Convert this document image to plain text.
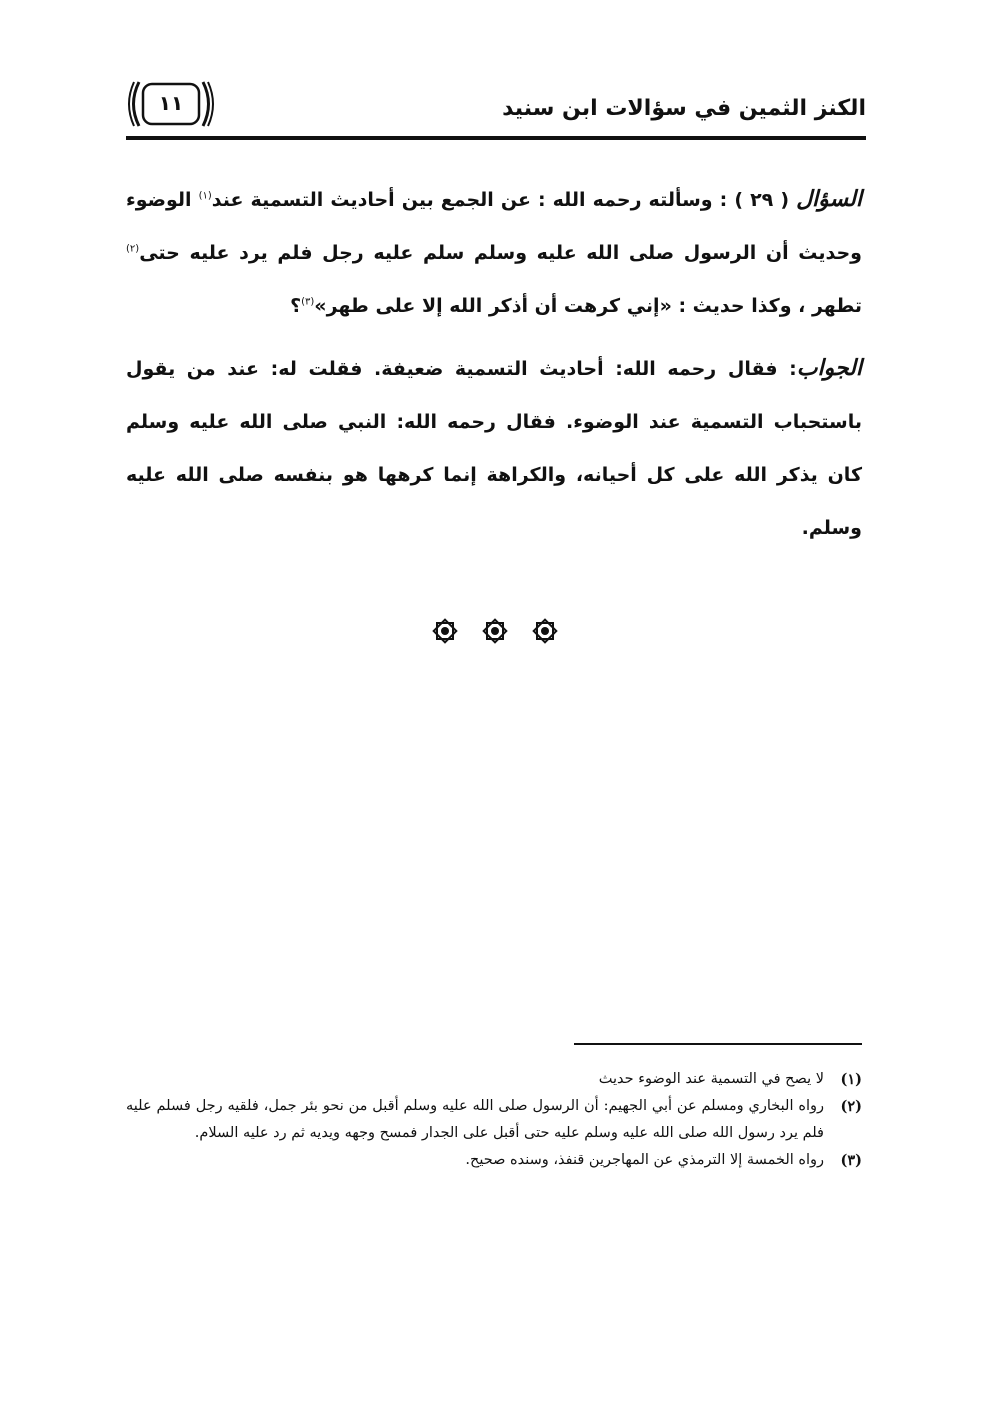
الكنز الثمين في سؤالات ابن سنيد
١١
السؤال ( ٢٩ ) : وسألته رحمه الله : عن الجمع بين أحاديث التسمية عند$^{(١)}$ الوضوء وحديث أن الرسول صلى الله عليه وسلم سلم عليه رجل فلم يرد عليه حتى$^{(٢)}$ تطهر ، وكذا حديث : «إني كرهت أن أذكر الله إلا على طهر»$^{(٣)}$؟
الجواب: فقال رحمه الله: أحاديث التسمية ضعيفة. فقلت له: عند من يقول باستحباب التسمية عند الوضوء. فقال رحمه الله: النبي صلى الله عليه وسلم كان يذكر الله على كل أحيانه، والكراهة إنما كرهها هو بنفسه صلى الله عليه وسلم.

(١)
لا يصح في التسمية عند الوضوء حديث

(٢)
رواه البخاري ومسلم عن أبي الجهيم: أن الرسول صلى الله عليه وسلم أقبل من نحو بئر جمل، فلقيه رجل فسلم عليه فلم يرد رسول الله صلى الله عليه وسلم عليه حتى أقبل على الجدار فمسح وجهه ويديه ثم رد عليه السلام.

(٣)
رواه الخمسة إلا الترمذي عن المهاجرين قنفذ، وسنده صحيح.
